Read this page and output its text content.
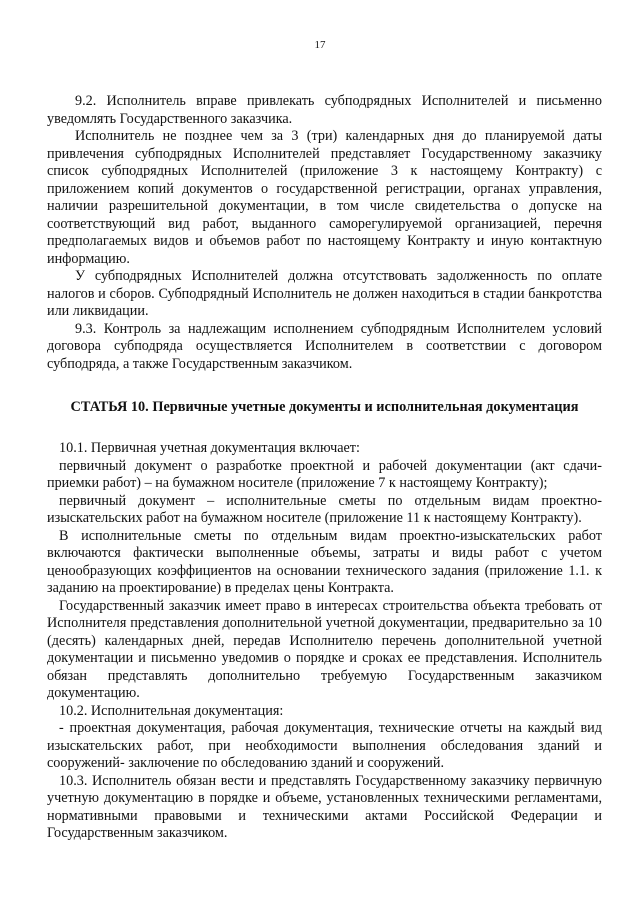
17

9.2. Исполнитель вправе привлекать субподрядных Исполнителей и письменно уведомлять Государственного заказчика.

Исполнитель не позднее чем за 3 (три) календарных дня до планируемой даты привлечения субподрядных Исполнителей представляет Государственному заказчику список субподрядных Исполнителей (приложение 3 к настоящему Контракту) с приложением копий документов о государственной регистрации, органах управления, наличии разрешительной документации, в том числе свидетельства о допуске на соответствующий вид работ, выданного саморегулируемой организацией, перечня предполагаемых видов и объемов работ по настоящему Контракту и иную контактную информацию.

У субподрядных Исполнителей должна отсутствовать задолженность по оплате налогов и сборов. Субподрядный Исполнитель не должен находиться в стадии банкротства или ликвидации.

9.3. Контроль за надлежащим исполнением субподрядным Исполнителем условий договора субподряда осуществляется Исполнителем в соответствии с договором субподряда, а также Государственным заказчиком.

СТАТЬЯ 10. Первичные учетные документы и исполнительная документация

10.1. Первичная учетная документация включает:

первичный документ о разработке проектной и рабочей документации (акт сдачи-приемки работ) – на бумажном носителе (приложение 7 к настоящему Контракту);

первичный документ – исполнительные сметы по отдельным видам проектно-изыскательских работ на бумажном носителе (приложение 11 к настоящему Контракту).

В исполнительные сметы по отдельным видам проектно-изыскательских работ включаются фактически выполненные объемы, затраты и виды работ с учетом ценообразующих коэффициентов на основании технического задания (приложение 1.1. к заданию на проектирование) в пределах цены Контракта.

Государственный заказчик имеет право в интересах строительства объекта требовать от Исполнителя представления дополнительной учетной документации, предварительно за 10 (десять) календарных дней, передав Исполнителю перечень дополнительной учетной документации и письменно уведомив о порядке и сроках ее представления. Исполнитель обязан представлять дополнительно требуемую Государственным заказчиком документацию.

10.2. Исполнительная документация:

- проектная документация, рабочая документация, технические отчеты на каждый вид изыскательских работ, при необходимости выполнения обследования зданий и сооружений- заключение по обследованию зданий и сооружений.

10.3. Исполнитель обязан вести и представлять Государственному заказчику первичную учетную документацию в порядке и объеме, установленных техническими регламентами, нормативными правовыми и техническими актами Российской Федерации и Государственным заказчиком.
